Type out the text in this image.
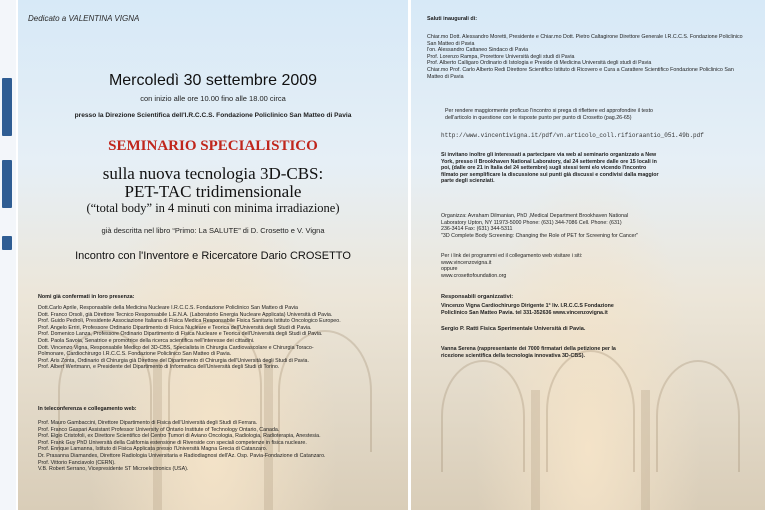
Dedicato a VALENTINA VIGNA
Mercoledì 30 settembre 2009
con inizio alle ore 10.00 fino alle 18.00 circa
presso la Direzione Scientifica dell'I.R.C.C.S. Fondazione Policlinico San Matteo di Pavia
SEMINARIO SPECIALISTICO
sulla nuova tecnologia 3D-CBS:
PET-TAC tridimensionale
(“total body” in 4 minuti con minima irradiazione)
già descritta nel libro “Primo: La SALUTE” di D. Crosetto e V. Vigna
Incontro con l'Inventore e Ricercatore Dario CROSETTO
Nomi già confermati in loro presenza:
Dott.Carlo Aprile, Responsabile della Medicina Nucleare I.R.C.C.S. Fondazione Policlinico San Matteo di Pavia
Dott. Franco Orsoli, già Direttore Tecnico Responsabile L.E.N.A. (Laboratorio Energia Nucleare Applicata) Università di Pavia.
Prof. Guido Pedroli, Presidente Associazione Italiana di Fisica Medica Responsabile Fisica Sanitaria Istituto Oncologico Europeo.
Prof. Angelo Erriri, Professore Ordinario Dipartimento di Fisica Nucleare e Teorica dell'Università degli Studi di Pavia.
Prof. Domenico Lanza, Professore Ordinario Dipartimento di Fisica Nucleare e Teorica dell'Università degli Studi di Pavia.
Dott. Paola Savoia, Senatrice e promotrice della ricerca scientifica nell'interesse dei cittadini.
Dott. Vincenzo Vigna, Responsabile Medico del 3D-CBS, Specialista in Chirurgia Cardiovascolare e Chirurgia Toraco-
Polmonare, Cardiochirurgo I.R.C.C.S. Fondazione Policlinico San Matteo di Pavia.
Prof. Aris Zonta, Ordinario di Chirurgia già Direttore del Dipartimento di Chirurgia dell'Università degli Studi di Pavia.
Prof. Albert Wertmann, e Presidente del Dipartimento di Informatica dell'Università degli Studi di Torino.
In teleconferenza e collegamento web:
Prof. Mauro Gambaccini, Direttore Dipartimento di Fisica dell'Università degli Studi di Ferrara.
Prof. Franco Gaspari Assistant Professor University of Ontario Institute of Technology Ontario, Canada.
Prof. Elgio Cristofoli, ex Direttore Scientifico del Centro Tumori di Aviano Oncologia, Radiologia, Radioterapia, Anestesia.
Prof. Frank Guy PhD Università della California estensione di Riverside con speciali competenze in fisica nucleare.
Prof. Enrique Lamanna, Istituto di Fisica Applicata presso l'Università Magna Grecia di Catanzaro.
Dr. Prasanna Diamandes, Direttore Radiologia Universitaria e Radiodiagnosi dell'Az. Osp. Pavia-Fondazione di Catanzaro.
Prof. Vittorio Fanciavolo (CERN).
V.B. Robert Serrano, Vicepresidente ST Microelectronics (USA).
Saluti inaugurali di:
Chiar.mo Dott. Alessandro Moretti, Presidente e Chiar.mo Dott. Pietro Caltagirone Direttore Generale I.R.C.C.S. Fondazione Policlinico
San Matteo di Pavia
l'on. Alessandro Cattaneo Sindaco di Pavia
Prof. Lorenzo Rampa, Prorettore Università degli studi di Pavia
Prof. Alberto Calligaro Ordinario di Istologia e Preside di Medicina Università degli studi di Pavia
Chiar.mo Prof. Carlo Alberto Redi Direttore Scientifico Istituto di Ricovero e Cura a Carattere Scientifico Fondazione Policlinico San
Matteo di Pavia
Per rendere maggiormente proficuo l'incontro si prega di riflettere ed approfondire il testo
dell'articolo in questione con le risposte punto per punto di Crosetto (pag.26-65)
http://www.vincentivigna.it/pdf/vn.articolo_coll.rifioraantio_051.49b.pdf
Si invitano inoltre gli interessati a partecipare via web al seminario organizzato a New
York, presso il Brookhaven National Laboratory, dal 24 settembre dalle ore 15 locali in
poi, (dalle ore 21 in Italia del 24 settembre) sugli stessi temi e/o vicendo l'incontro
filmato per semplificare la discussione sui punti già discussi e condivisi dalla maggior
parte degli scienziati.
Organizza: Avraham Dilmanian, PhD ,Medical Department Brookhaven National
Laboratory Upton, NY 11973-5000 Phone: (631) 344-7086 Cell. Phone: (631)
236-3414 Fax: (631) 344-5311
"3D Complete Body Screening: Changing the Role of PET for Screening for Cancer"
Per i link dei programmi ed il collegamento web visitare i siti:
www.vincenzovigna.it
oppure
www.crosettofoundation.org
Responsabili organizzativi:
Vincenzo Vigna Cardiochirurgo Dirigente 1° liv. I.R.C.C.S Fondazione
Policlinico San Matteo Pavia. tel 331-352636 www.vincenzovigna.it
Sergio P. Ratti Fisica Sperimentale Università di Pavia.
Vanna Serena (rappresentante dei 7000 firmatari della petizione per la
ricezione scientifica della tecnologia innovativa 3D-CBS).
